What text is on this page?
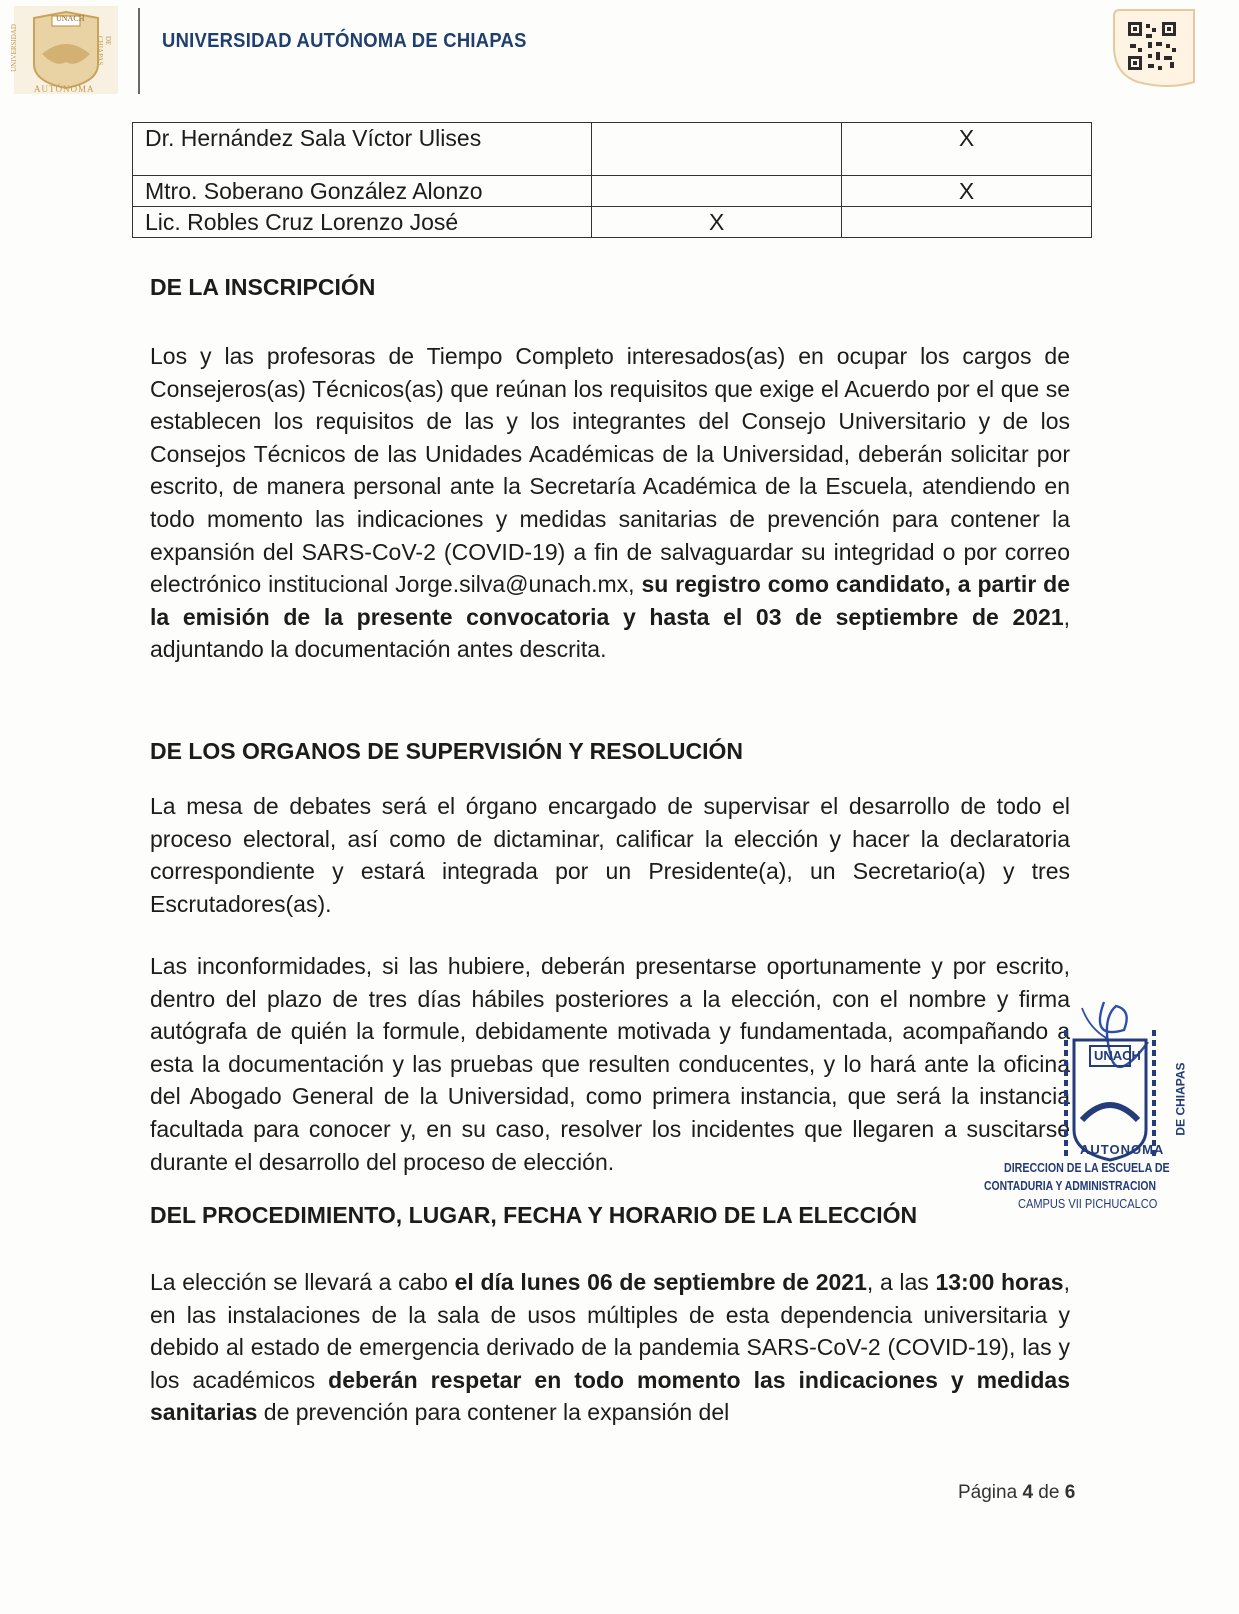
UNACH
AUTÓNOMA
UNIVERSIDAD	DE CHIAPAS	UNIVERSIDAD AUTÓNOMA DE CHIAPAS
Dr. Hernández Sala Víctor Ulises		X
Mtro. Soberano González Alonzo		X
Lic. Robles Cruz Lorenzo José	X	
DE LA INSCRIPCIÓN

Los y las profesoras de Tiempo Completo interesados(as) en ocupar los cargos de Consejeros(as) Técnicos(as) que reúnan los requisitos que exige el Acuerdo por el que se establecen los requisitos de las y los integrantes del Consejo Universitario y de los Consejos Técnicos de las Unidades Académicas de la Universidad, deberán solicitar por escrito, de manera personal ante la Secretaría Académica de la Escuela, atendiendo en todo momento las indicaciones y medidas sanitarias de prevención para contener la expansión del SARS-CoV-2 (COVID-19) a fin de salvaguardar su integridad o por correo electrónico institucional Jorge.silva@unach.mx, su registro como candidato, a partir de la emisión de la presente convocatoria y hasta el 03 de septiembre de 2021, adjuntando la documentación antes descrita.

DE LOS ORGANOS DE SUPERVISIÓN Y RESOLUCIÓN

La mesa de debates será el órgano encargado de supervisar el desarrollo de todo el proceso electoral, así como de dictaminar, calificar la elección y hacer la declaratoria correspondiente y estará integrada por un Presidente(a), un Secretario(a) y tres Escrutadores(as).

Las inconformidades, si las hubiere, deberán presentarse oportunamente y por escrito, dentro del plazo de tres días hábiles posteriores a la elección, con el nombre y firma autógrafa de quién la formule, debidamente motivada y fundamentada, acompañando a esta la documentación y las pruebas que resulten conducentes, y lo hará ante la oficina del Abogado General de la Universidad, como primera instancia, que será la instancia facultada para conocer y, en su caso, resolver los incidentes que llegaren a suscitarse durante el desarrollo del proceso de elección.

DEL PROCEDIMIENTO, LUGAR, FECHA Y HORARIO DE LA ELECCIÓN

La elección se llevará a cabo el día lunes 06 de septiembre de 2021, a las 13:00 horas, en las instalaciones de la sala de usos múltiples de esta dependencia universitaria y debido al estado de emergencia derivado de la pandemia SARS-CoV-2 (COVID-19), las y los académicos deberán respetar en todo momento las indicaciones y medidas sanitarias de prevención para contener la expansión del

UNACH
DE CHIAPAS
AUTONOMA
DIRECCION DE LA ESCUELA DE
CONTADURIA Y ADMINISTRACION
CAMPUS VII PICHUCALCO
Página 4 de 6
